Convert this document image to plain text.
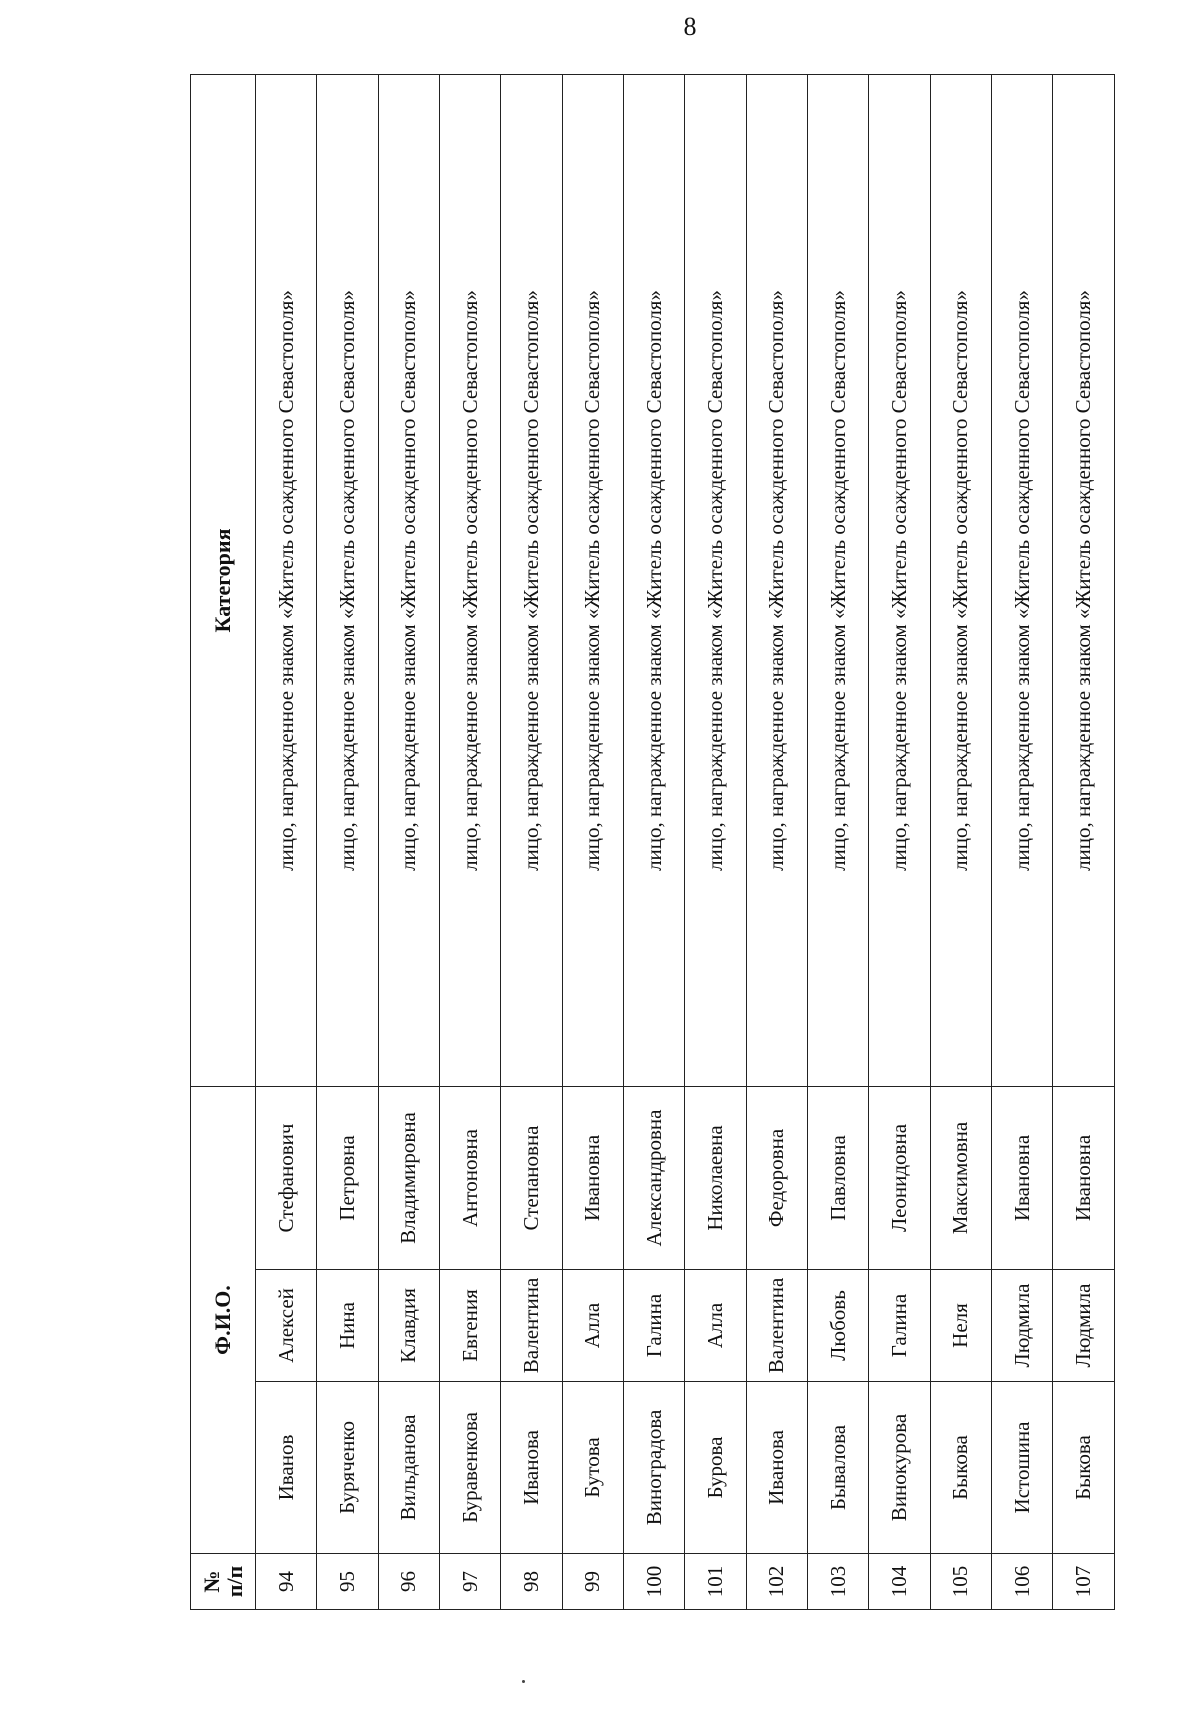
8
№
п/п	Ф.И.О.			Категория
94	Иванов	Алексей	Стефанович	лицо, награжденное знаком «Житель осажденного Севастополя»
95	Буряченко	Нина	Петровна	лицо, награжденное знаком «Житель осажденного Севастополя»
96	Вильданова	Клавдия	Владимировна	лицо, награжденное знаком «Житель осажденного Севастополя»
97	Буравенкова	Евгения	Антоновна	лицо, награжденное знаком «Житель осажденного Севастополя»
98	Иванова	Валентина	Степановна	лицо, награжденное знаком «Житель осажденного Севастополя»
99	Бутова	Алла	Ивановна	лицо, награжденное знаком «Житель осажденного Севастополя»
100	Виноградова	Галина	Александровна	лицо, награжденное знаком «Житель осажденного Севастополя»
101	Бурова	Алла	Николаевна	лицо, награжденное знаком «Житель осажденного Севастополя»
102	Иванова	Валентина	Федоровна	лицо, награжденное знаком «Житель осажденного Севастополя»
103	Бывалова	Любовь	Павловна	лицо, награжденное знаком «Житель осажденного Севастополя»
104	Винокурова	Галина	Леонидовна	лицо, награжденное знаком «Житель осажденного Севастополя»
105	Быкова	Неля	Максимовна	лицо, награжденное знаком «Житель осажденного Севастополя»
106	Истошина	Людмила	Ивановна	лицо, награжденное знаком «Житель осажденного Севастополя»
107	Быкова	Людмила	Ивановна	лицо, награжденное знаком «Житель осажденного Севастополя»
